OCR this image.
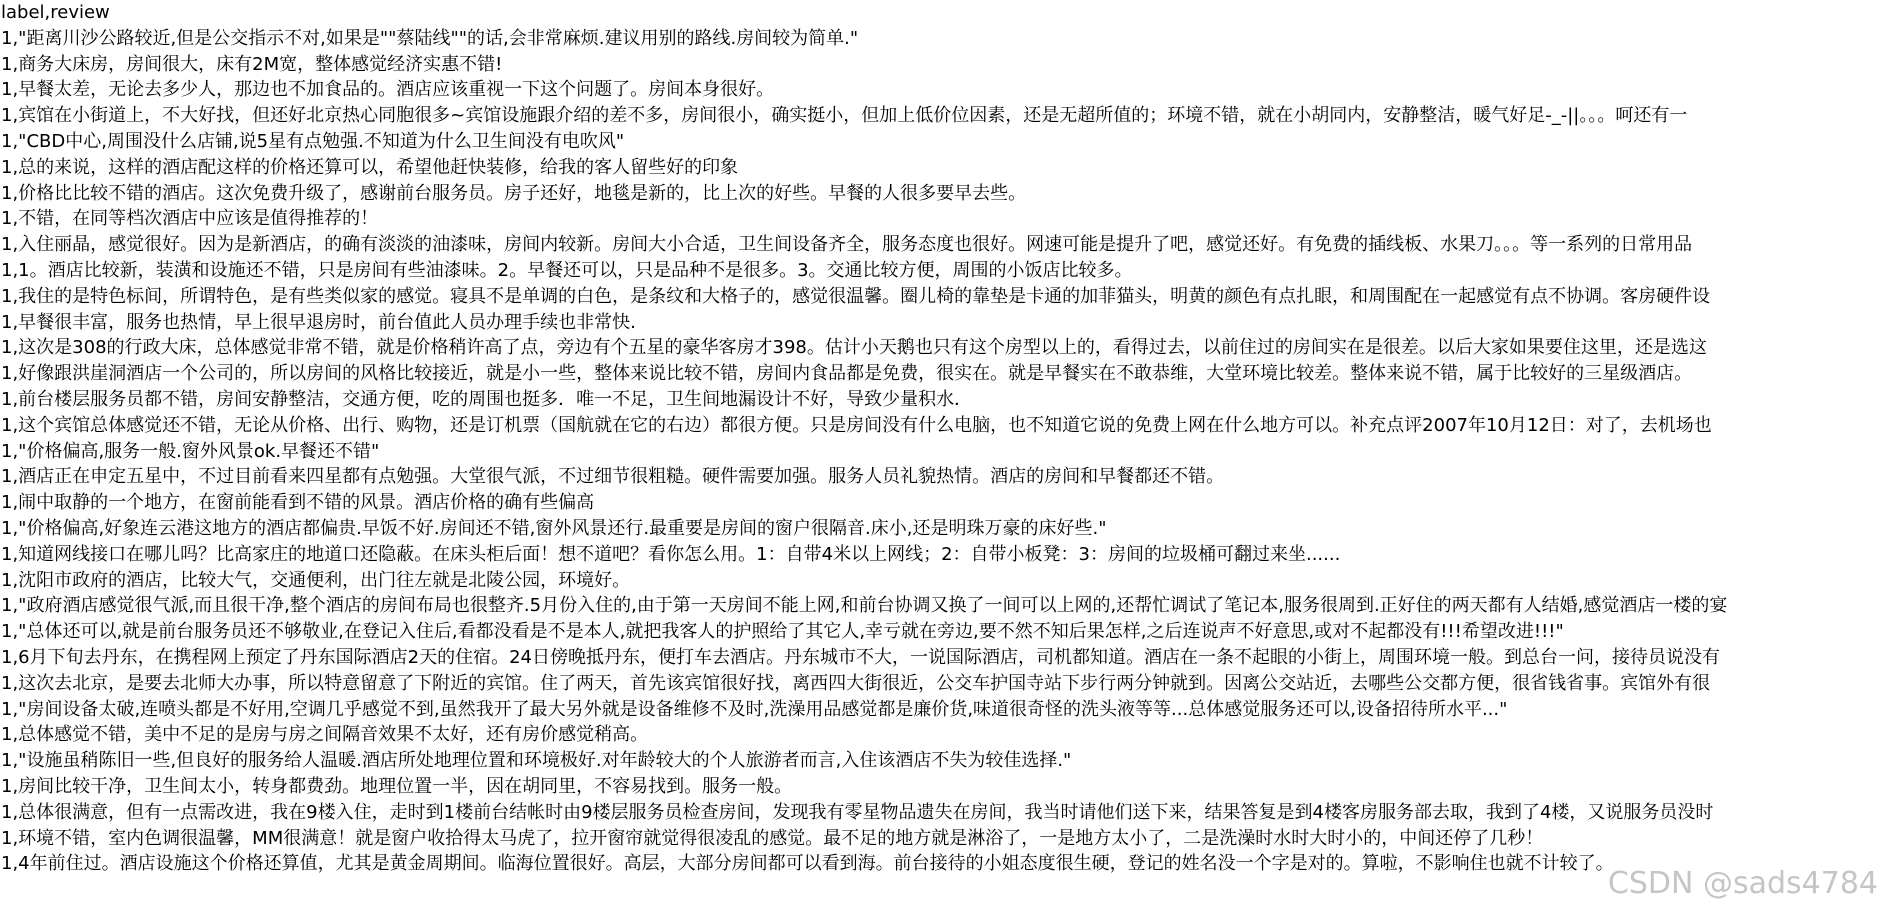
label,review
1,"距离川沙公路较近,但是公交指示不对,如果是""蔡陆线""的话,会非常麻烦.建议用别的路线.房间较为简单."
1,商务大床房，房间很大，床有2M宽，整体感觉经济实惠不错!
1,早餐太差，无论去多少人，那边也不加食品的。酒店应该重视一下这个问题了。房间本身很好。
1,宾馆在小街道上，不大好找，但还好北京热心同胞很多~宾馆设施跟介绍的差不多，房间很小，确实挺小，但加上低价位因素，还是无超所值的；环境不错，就在小胡同内，安静整洁，暖气好足-_-||。。。呵还有一
1,"CBD中心,周围没什么店铺,说5星有点勉强.不知道为什么卫生间没有电吹风"
1,总的来说，这样的酒店配这样的价格还算可以，希望他赶快装修，给我的客人留些好的印象
1,价格比比较不错的酒店。这次免费升级了，感谢前台服务员。房子还好，地毯是新的，比上次的好些。早餐的人很多要早去些。
1,不错，在同等档次酒店中应该是值得推荐的！
1,入住丽晶，感觉很好。因为是新酒店，的确有淡淡的油漆味，房间内较新。房间大小合适，卫生间设备齐全，服务态度也很好。网速可能是提升了吧，感觉还好。有免费的插线板、水果刀。。。等一系列的日常用品
1,1。酒店比较新，装潢和设施还不错，只是房间有些油漆味。2。早餐还可以，只是品种不是很多。3。交通比较方便，周围的小饭店比较多。
1,我住的是特色标间，所谓特色，是有些类似家的感觉。寝具不是单调的白色，是条纹和大格子的，感觉很温馨。圈儿椅的靠垫是卡通的加菲猫头，明黄的颜色有点扎眼，和周围配在一起感觉有点不协调。客房硬件设
1,早餐很丰富，服务也热情，早上很早退房时，前台值此人员办理手续也非常快.
1,这次是308的行政大床，总体感觉非常不错，就是价格稍许高了点，旁边有个五星的豪华客房才398。估计小天鹅也只有这个房型以上的，看得过去，以前住过的房间实在是很差。以后大家如果要住这里，还是选这
1,好像跟洪崖洞酒店一个公司的，所以房间的风格比较接近，就是小一些，整体来说比较不错，房间内食品都是免费，很实在。就是早餐实在不敢恭维，大堂环境比较差。整体来说不错，属于比较好的三星级酒店。
1,前台楼层服务员都不错，房间安静整洁，交通方便，吃的周围也挺多．唯一不足，卫生间地漏设计不好，导致少量积水．
1,这个宾馆总体感觉还不错，无论从价格、出行、购物，还是订机票（国航就在它的右边）都很方便。只是房间没有什么电脑，也不知道它说的免费上网在什么地方可以。补充点评2007年10月12日：对了，去机场也
1,"价格偏高,服务一般.窗外风景ok.早餐还不错"
1,酒店正在申定五星中，不过目前看来四星都有点勉强。大堂很气派，不过细节很粗糙。硬件需要加强。服务人员礼貌热情。酒店的房间和早餐都还不错。
1,闹中取静的一个地方，在窗前能看到不错的风景。酒店价格的确有些偏高
1,"价格偏高,好象连云港这地方的酒店都偏贵.早饭不好.房间还不错,窗外风景还行.最重要是房间的窗户很隔音.床小,还是明珠万豪的床好些."
1,知道网线接口在哪儿吗？比高家庄的地道口还隐蔽。在床头柜后面！想不道吧？看你怎么用。1：自带4米以上网线；2：自带小板凳：3：房间的垃圾桶可翻过来坐......
1,沈阳市政府的酒店，比较大气，交通便利，出门往左就是北陵公园，环境好。
1,"政府酒店感觉很气派,而且很干净,整个酒店的房间布局也很整齐.5月份入住的,由于第一天房间不能上网,和前台协调又换了一间可以上网的,还帮忙调试了笔记本,服务很周到.正好住的两天都有人结婚,感觉酒店一楼的宴
1,"总体还可以,就是前台服务员还不够敬业,在登记入住后,看都没看是不是本人,就把我客人的护照给了其它人,幸亏就在旁边,要不然不知后果怎样,之后连说声不好意思,或对不起都没有!!!希望改进!!!"
1,6月下旬去丹东，在携程网上预定了丹东国际酒店2天的住宿。24日傍晚抵丹东，便打车去酒店。丹东城市不大，一说国际酒店，司机都知道。酒店在一条不起眼的小街上，周围环境一般。到总台一问，接待员说没有
1,这次去北京，是要去北师大办事，所以特意留意了下附近的宾馆。住了两天，首先该宾馆很好找，离西四大街很近，公交车护国寺站下步行两分钟就到。因离公交站近，去哪些公交都方便，很省钱省事。宾馆外有很
1,"房间设备太破,连喷头都是不好用,空调几乎感觉不到,虽然我开了最大另外就是设备维修不及时,洗澡用品感觉都是廉价货,味道很奇怪的洗头液等等...总体感觉服务还可以,设备招待所水平..."
1,总体感觉不错，美中不足的是房与房之间隔音效果不太好，还有房价感觉稍高。
1,"设施虽稍陈旧一些,但良好的服务给人温暖.酒店所处地理位置和环境极好.对年龄较大的个人旅游者而言,入住该酒店不失为较佳选择."
1,房间比较干净，卫生间太小，转身都费劲。地理位置一半，因在胡同里，不容易找到。服务一般。
1,总体很满意，但有一点需改进，我在9楼入住，走时到1楼前台结帐时由9楼层服务员检查房间，发现我有零星物品遗失在房间，我当时请他们送下来，结果答复是到4楼客房服务部去取，我到了4楼，又说服务员没时
1,环境不错，室内色调很温馨，MM很满意！就是窗户收拾得太马虎了，拉开窗帘就觉得很凌乱的感觉。最不足的地方就是淋浴了，一是地方太小了，二是洗澡时水时大时小的，中间还停了几秒！
1,4年前住过。酒店设施这个价格还算值，尤其是黄金周期间。临海位置很好。高层，大部分房间都可以看到海。前台接待的小姐态度很生硬，登记的姓名没一个字是对的。算啦，不影响住也就不计较了。
CSDN @sads4784
